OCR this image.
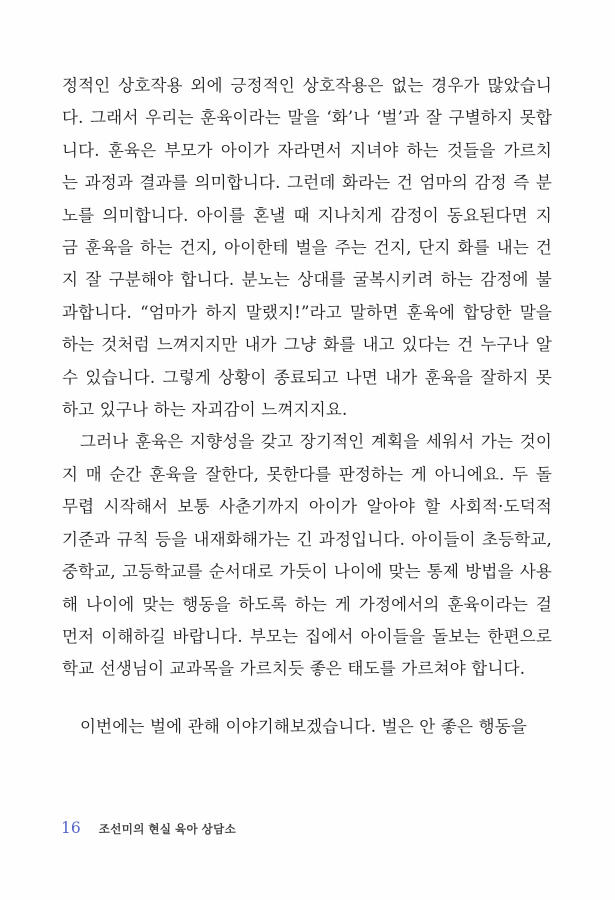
정적인 상호작용 외에 긍정적인 상호작용은 없는 경우가 많았습니
다. 그래서 우리는 훈육이라는 말을 ‘화’나 ‘벌’과 잘 구별하지 못합
니다. 훈육은 부모가 아이가 자라면서 지녀야 하는 것들을 가르치
는 과정과 결과를 의미합니다. 그런데 화라는 건 엄마의 감정 즉 분
노를 의미합니다. 아이를 혼낼 때 지나치게 감정이 동요된다면 지
금 훈육을 하는 건지, 아이한테 벌을 주는 건지, 단지 화를 내는 건
지 잘 구분해야 합니다. 분노는 상대를 굴복시키려 하는 감정에 불
과합니다. “엄마가 하지 말랬지!”라고 말하면 훈육에 합당한 말을
하는 것처럼 느껴지지만 내가 그냥 화를 내고 있다는 건 누구나 알
수 있습니다. 그렇게 상황이 종료되고 나면 내가 훈육을 잘하지 못
하고 있구나 하는 자괴감이 느껴지지요.
그러나 훈육은 지향성을 갖고 장기적인 계획을 세워서 가는 것이
지 매 순간 훈육을 잘한다, 못한다를 판정하는 게 아니에요. 두 돌
무렵 시작해서 보통 사춘기까지 아이가 알아야 할 사회적·도덕적
기준과 규칙 등을 내재화해가는 긴 과정입니다. 아이들이 초등학교,
중학교, 고등학교를 순서대로 가듯이 나이에 맞는 통제 방법을 사용
해 나이에 맞는 행동을 하도록 하는 게 가정에서의 훈육이라는 걸
먼저 이해하길 바랍니다. 부모는 집에서 아이들을 돌보는 한편으로
학교 선생님이 교과목을 가르치듯 좋은 태도를 가르쳐야 합니다.
이번에는 벌에 관해 이야기해보겠습니다. 벌은 안 좋은 행동을
16 조선미의 현실 육아 상담소
